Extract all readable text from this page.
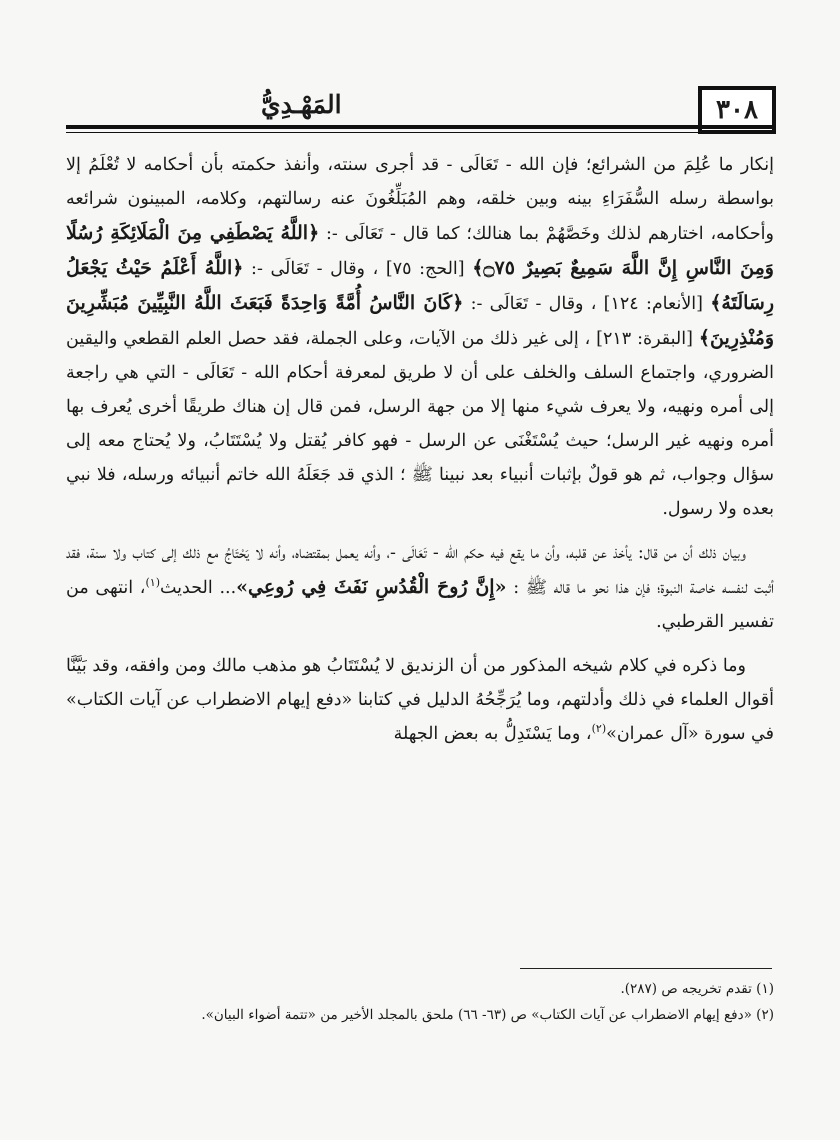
٣٠٨
المَهْـدِيُّ

إنكار ما عُلِمَ من الشرائع؛ فإن الله - تَعَالَى - قد أجرى سنته، وأنفذ حكمته بأن أحكامه لا تُعْلَمُ إلا بواسطة رسله السُّفَرَاءِ بينه وبين خلقه، وهم المُبَلِّغُونَ عنه رسالتهم، وكلامه، المبينون شرائعه وأحكامه، اختارهم لذلك وخَصَّهُمْ بما هنالك؛ كما قال - تَعَالَى -: ﴿اللَّهُ يَصْطَفِي مِنَ الْمَلَائِكَةِ رُسُلًا وَمِنَ النَّاسِ إِنَّ اللَّهَ سَمِيعٌ بَصِيرٌ ۝٧٥﴾ [الحج: ٧٥] ، وقال - تَعَالَى -: ﴿اللَّهُ أَعْلَمُ حَيْثُ يَجْعَلُ رِسَالَتَهُ﴾ [الأنعام: ١٢٤] ، وقال - تَعَالَى -: ﴿كَانَ النَّاسُ أُمَّةً وَاحِدَةً فَبَعَثَ اللَّهُ النَّبِيِّينَ مُبَشِّرِينَ وَمُنْذِرِينَ﴾ [البقرة: ٢١٣] ، إلى غير ذلك من الآيات، وعلى الجملة، فقد حصل العلم القطعي واليقين الضروري، واجتماع السلف والخلف على أن لا طريق لمعرفة أحكام الله - تَعَالَى - التي هي راجعة إلى أمره ونهيه، ولا يعرف شيء منها إلا من جهة الرسل، فمن قال إن هناك طريقًا أخرى يُعرف بها أمره ونهيه غير الرسل؛ حيث يُسْتَغْنَى عن الرسل - فهو كافر يُقتل ولا يُسْتَتَابُ، ولا يُحتاج معه إلى سؤال وجواب، ثم هو قولٌ بإثبات أنبياء بعد نبينا ﷺ ؛ الذي قد جَعَلَهُ الله خاتم أنبيائه ورسله، فلا نبي بعده ولا رسول.

وبيان ذلك أن من قال: يأخذ عن قلبه، وأن ما يقع فيه حكم الله - تَعَالَى -، وأنه يعمل بمقتضاه، وأنه لا يَحْتَاجُ مع ذلك إلى كتاب ولا سنة، فقد أثبت لنفسه خاصة النبوة؛ فإن هذا نحو ما قاله ﷺ : «إِنَّ رُوحَ الْقُدُسِ نَفَثَ فِي رُوعِي»... الحديث$^{(١)}$، انتهى من تفسير القرطبي.

وما ذكره في كلام شيخه المذكور من أن الزنديق لا يُسْتَتَابُ هو مذهب مالك ومن وافقه، وقد بَيَّنَّا أقوال العلماء في ذلك وأدلتهم، وما يُرَجِّحُهُ الدليل في كتابنا «دفع إيهام الاضطراب عن آيات الكتاب» في سورة «آل عمران»$^{(٢)}$، وما يَسْتَدِلُّ به بعض الجهلة

(١) تقدم تخريجه ص (٢٨٧).

(٢) «دفع إيهام الاضطراب عن آيات الكتاب» ص (٦٣- ٦٦) ملحق بالمجلد الأخير من «تتمة أضواء البيان».
